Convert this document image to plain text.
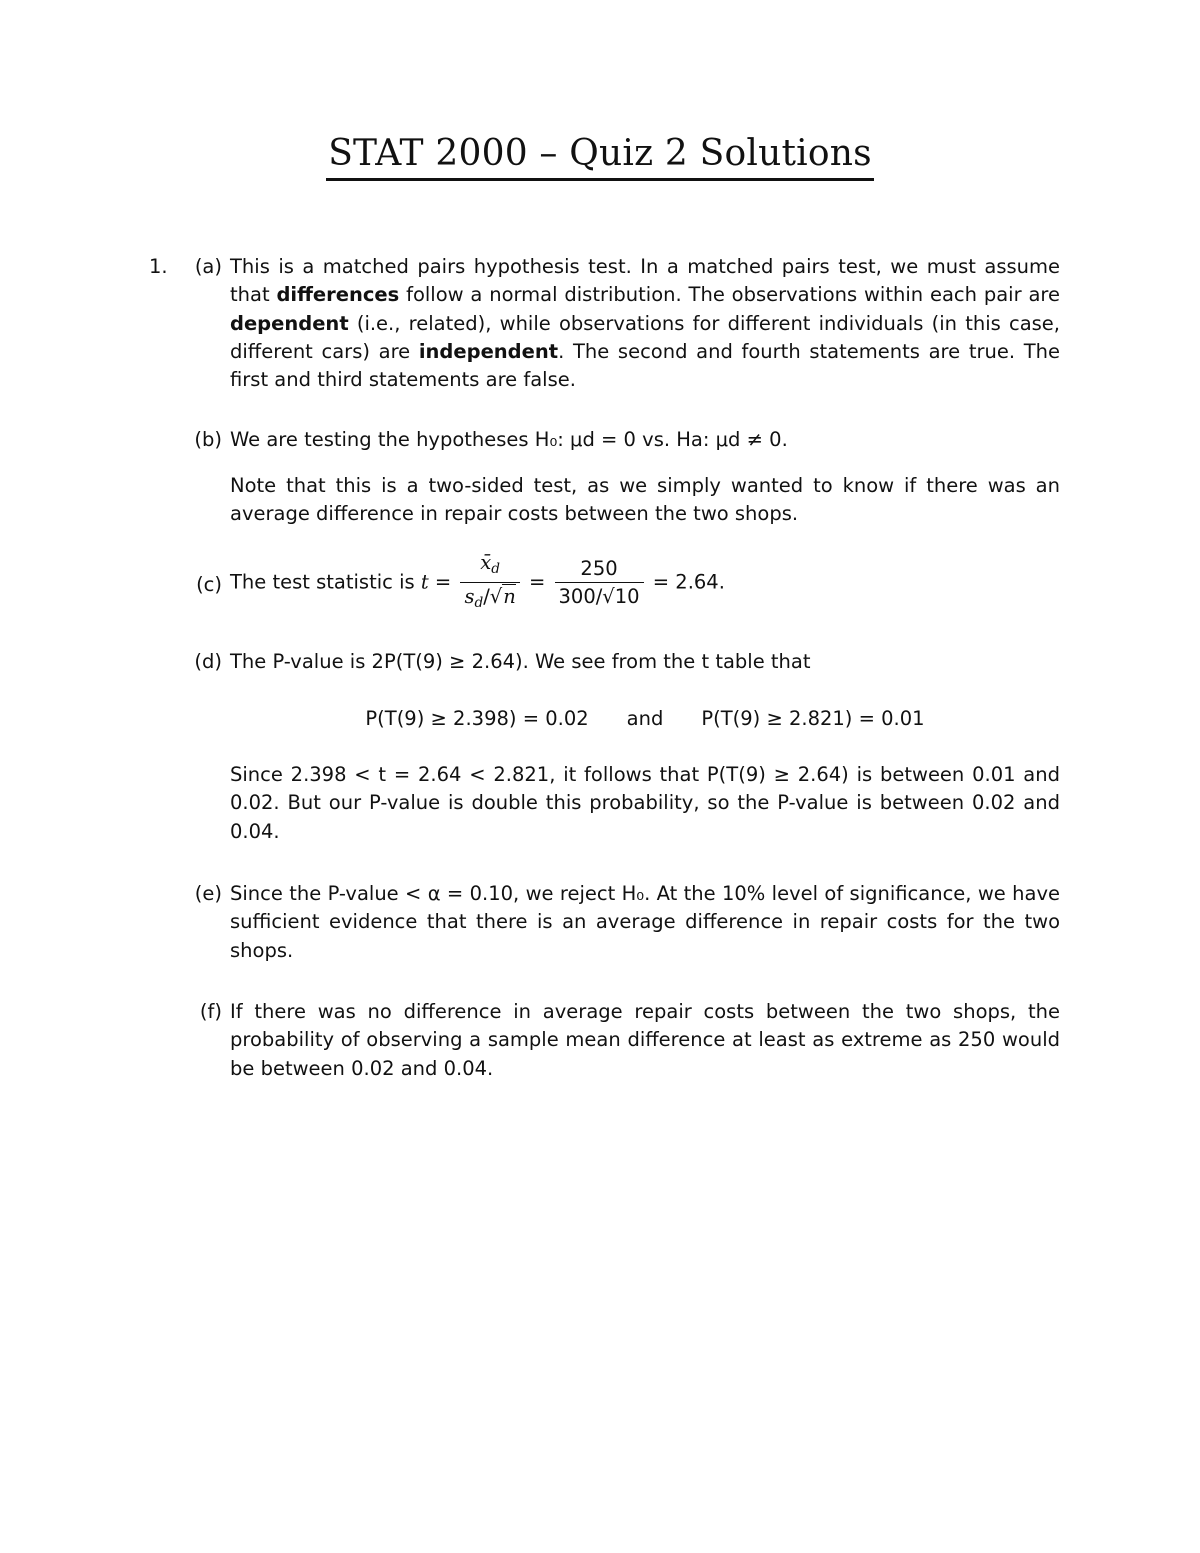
STAT 2000 – Quiz 2 Solutions
1. (a) This is a matched pairs hypothesis test. In a matched pairs test, we must assume that differences follow a normal distribution. The observations within each pair are dependent (i.e., related), while observations for different individuals (in this case, different cars) are independent. The second and fourth statements are true. The first and third statements are false.

(b) We are testing the hypotheses H₀: μd = 0 vs. Ha: μd ≠ 0.

Note that this is a two-sided test, as we simply wanted to know if there was an average difference in repair costs between the two shops.

(c) The test statistic is $t = \frac{x̄_d}{s_d/√n} = \frac{250}{300/√10} = 2.64$.
(d) The P-value is 2P(T(9) ≥ 2.64). We see from the t table that

P(T(9) ≥ 2.398) = 0.02 and P(T(9) ≥ 2.821) = 0.01

Since 2.398 < t = 2.64 < 2.821, it follows that P(T(9) ≥ 2.64) is between 0.01 and 0.02. But our P-value is double this probability, so the P-value is between 0.02 and 0.04.

(e) Since the P-value < α = 0.10, we reject H₀. At the 10% level of significance, we have sufficient evidence that there is an average difference in repair costs for the two shops.

(f) If there was no difference in average repair costs between the two shops, the probability of observing a sample mean difference at least as extreme as 250 would be between 0.02 and 0.04.
